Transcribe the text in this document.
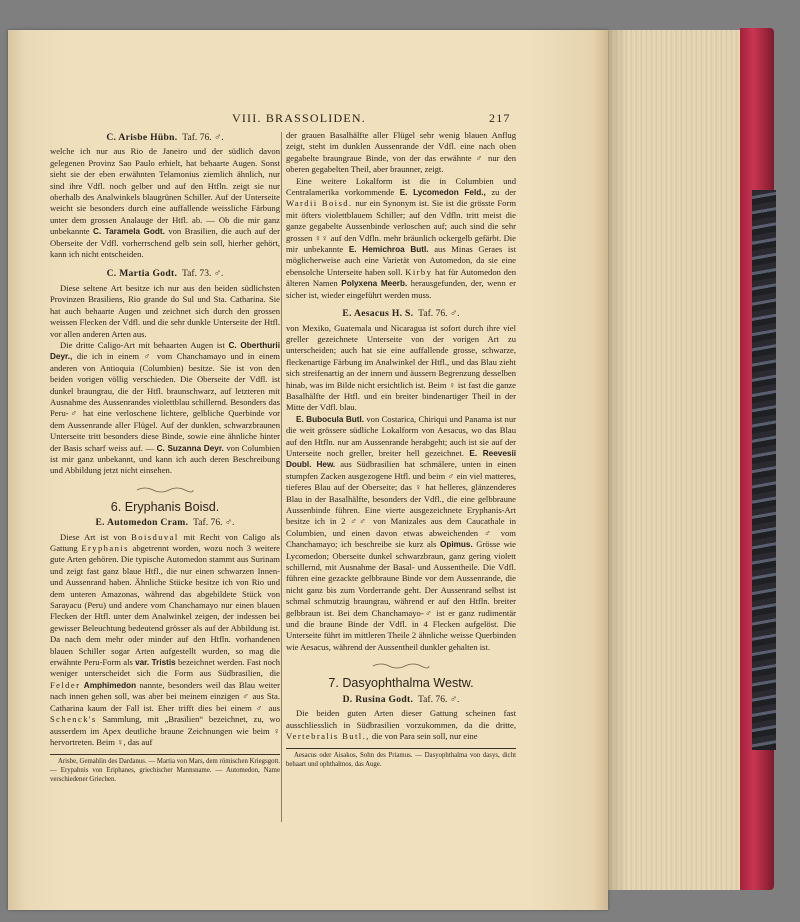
VIII. BRASSOLIDEN.	217
C. Arisbe Hübn. Taf. 76. ♂.

welche ich nur aus Rio de Janeiro und der südlich davon gelegenen Provinz Sao Paulo erhielt, hat behaarte Augen. Sonst sieht sie der eben erwähnten Telamonius ziemlich ähnlich, nur sind ihre Vdfl. noch gelber und auf den Htfln. zeigt sie nur oberhalb des Analwinkels blaugrünen Schiller. Auf der Unterseite weicht sie besonders durch eine auffallende weissliche Färbung unter dem grossen Analauge der Htfl. ab. — Ob die mir ganz unbekannte C. Taramela Godt. von Brasilien, die auch auf der Oberseite der Vdfl. vorherrschend gelb sein soll, hierher gehört, kann ich nicht entscheiden.

C. Martia Godt. Taf. 73. ♂.

Diese seltene Art besitze ich nur aus den beiden südlichsten Provinzen Brasiliens, Rio grande do Sul und Sta. Catharina. Sie hat auch behaarte Augen und zeichnet sich durch den grossen weissen Flecken der Vdfl. und die sehr dunkle Unterseite der Htfl. vor allen anderen Arten aus.

Die dritte Caligo-Art mit behaarten Augen ist C. Oberthurii Deyr., die ich in einem ♂ vom Chanchamayo und in einem anderen von Antioquia (Columbien) besitze. Sie ist von den beiden vorigen völlig verschieden. Die Oberseite der Vdfl. ist dunkel braungrau, die der Htfl. braunschwarz, auf letzteren mit Ausnahme des Aussenrandes violettblau schillernd. Besonders das Peru-♂ hat eine verloschene lichtere, gelbliche Querbinde vor dem Aussenrande aller Flügel. Auf der dunklen, schwarzbraunen Unterseite tritt besonders diese Binde, sowie eine ähnliche hinter der Basis scharf weiss auf. — C. Suzanna Deyr. von Columbien ist mir ganz unbekannt, und kann ich auch deren Beschreibung und Abbildung jetzt nicht einsehen.

6. Eryphanis Boisd.
E. Automedon Cram. Taf. 76. ♂.

Diese Art ist von Boisduval mit Recht von Caligo als Gattung Eryphanis abgetrennt worden, wozu noch 3 weitere gute Arten gehören. Die typische Automedon stammt aus Surinam und zeigt fast ganz blaue Htfl., die nur einen schwarzen Innen- und Aussenrand haben. Ähnliche Stücke besitze ich von Rio und dem unteren Amazonas, während das abgebildete Stück von Sarayacu (Peru) und andere vom Chanchamayo nur einen blauen Flecken der Htfl. unter dem Analwinkel zeigen, der indessen bei gewisser Beleuchtung bedeutend grösser als auf der Abbildung ist. Da nach dem mehr oder minder auf den Htfln. vorhandenen blauen Schiller sogar Arten aufgestellt wurden, so mag die erwähnte Peru-Form als var. Tristis bezeichnet werden. Fast noch weniger unterscheidet sich die Form aus Südbrasilien, die Felder Amphimedon nannte, besonders weil das Blau weiter nach innen gehen soll, was aber bei meinem einzigen ♂ aus Sta. Catharina kaum der Fall ist. Eher trifft dies bei einem ♂ aus Schenck's Sammlung, mit „Brasilien“ bezeichnet, zu, wo ausserdem im Apex deutliche braune Zeichnungen wie beim ♀ hervortreten. Beim ♀, das auf

Arisbe, Gemahlin des Dardanus. — Martia von Mars, dem römischen Kriegsgott. — Erypahnis von Eriphanes, griechischer Mannsname. — Automedon, Name verschiedener Griechen.

der grauen Basalhälfte aller Flügel sehr wenig blauen Anflug zeigt, steht im dunklen Aussenrande der Vdfl. eine nach oben gegabelte braungraue Binde, von der das erwähnte ♂ nur den oberen gegabelten Theil, aber braunner, zeigt.

Eine weitere Lokalform ist die in Columbien und Centralamerika vorkommende E. Lycomedon Feld., zu der Wardii Boisd. nur ein Synonym ist. Sie ist die grösste Form mit öfters violettblauem Schiller; auf den Vdfln. tritt meist die ganze gegabelte Aussenbinde verloschen auf; auch sind die sehr grossen ♀♀ auf den Vdfln. mehr bräunlich ockergelb gefärbt. Die mir unbekannte E. Hemichroa Butl. aus Minas Geraes ist möglicherweise auch eine Varietät von Automedon, da sie eine ebensolche Unterseite haben soll. Kirby hat für Automedon den älteren Namen Polyxena Meerb. herausgefunden, der, wenn er sicher ist, wieder eingeführt werden muss.

E. Aesacus H. S. Taf. 76. ♂.

von Mexiko, Guatemala und Nicaragua ist sofort durch ihre viel greller gezeichnete Unterseite von der vorigen Art zu unterscheiden; auch hat sie eine auffallende grosse, schwarze, fleckenartige Färbung im Analwinkel der Htfl., und das Blau zieht sich streifenartig an der innern und äussern Begrenzung desselben hinab, was im Bilde nicht ersichtlich ist. Beim ♀ ist fast die ganze Basalhälfte der Htfl. und ein breiter bindenartiger Theil in der Mitte der Vdfl. blau.

E. Bubocula Butl. von Costarica, Chiriqui und Panama ist nur die weit grössere südliche Lokalform von Aesacus, wo das Blau auf den Htfln. nur am Aussenrande herabgeht; auch ist sie auf der Unterseite noch greller, breiter hell gezeichnet. E. Reevesii Doubl. Hew. aus Südbrasilien hat schmälere, unten in einen stumpfen Zacken ausgezogene Htfl. und beim ♂ ein viel matteres, tieferes Blau auf der Oberseite; das ♀ hat helleres, glänzenderes Blau in der Basalhälfte, besonders der Vdfl., die eine gelbbraune Aussenbinde führen. Eine vierte ausgezeichnete Eryphanis-Art besitze ich in 2 ♂♂ von Manizales aus dem Caucathale in Columbien, und einen davon etwas abweichenden ♂ vom Chanchamayo; ich beschreibe sie kurz als Opimus. Grösse wie Lycomedon; Oberseite dunkel schwarzbraun, ganz gering violett schillernd, mit Ausnahme der Basal- und Aussentheile. Die Vdfl. führen eine gezackte gelbbraune Binde vor dem Aussenrande, die nicht ganz bis zum Vorderrande geht. Der Aussenrand selbst ist schmal schmutzig braungrau, während er auf den Htfln. breiter gelbbraun ist. Bei dem Chanchamayo-♂ ist er ganz rudimentär und die braune Binde der Vdfl. in 4 Flecken aufgelöst. Die Unterseite führt im mittleren Theile 2 ähnliche weisse Querbinden wie Aesacus, während der Aussentheil dunkler gehalten ist.

7. Dasyophthalma Westw.
D. Rusina Godt. Taf. 76. ♂.

Die beiden guten Arten dieser Gattung scheinen fast ausschliesslich in Südbrasilien vorzukommen, da die dritte, Vertebralis Butl., die von Para sein soll, nur eine

Aesacus oder Aisakos, Sohn des Priamus. — Dasyophthalma von dasys, dicht behaart und ophthalmos, das Auge.
